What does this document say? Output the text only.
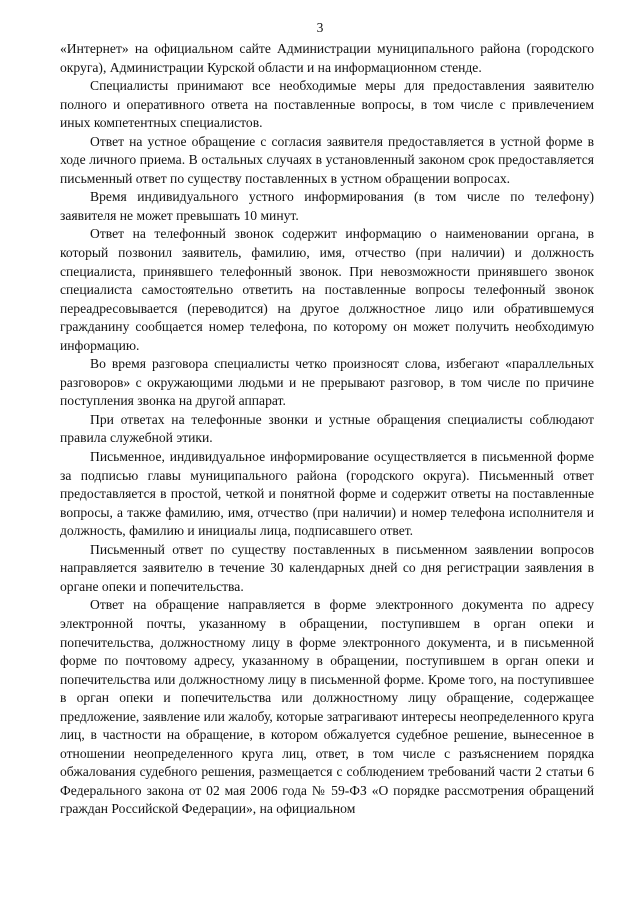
3

«Интернет» на официальном сайте Администрации муниципального района (городского округа), Администрации Курской области и на информационном стенде.

Специалисты принимают все необходимые меры для предоставления заявителю полного и оперативного ответа на поставленные вопросы, в том числе с привлечением иных компетентных специалистов.

Ответ на устное обращение с согласия заявителя предоставляется в устной форме в ходе личного приема. В остальных случаях в установленный законом срок предоставляется письменный ответ по существу поставленных в устном обращении вопросах.

Время индивидуального устного информирования (в том числе по телефону) заявителя не может превышать 10 минут.

Ответ на телефонный звонок содержит информацию о наименовании органа, в который позвонил заявитель, фамилию, имя, отчество (при наличии) и должность специалиста, принявшего телефонный звонок. При невозможности принявшего звонок специалиста самостоятельно ответить на поставленные вопросы телефонный звонок переадресовывается (переводится) на другое должностное лицо или обратившемуся гражданину сообщается номер телефона, по которому он может получить необходимую информацию.

Во время разговора специалисты четко произносят слова, избегают «параллельных разговоров» с окружающими людьми и не прерывают разговор, в том числе по причине поступления звонка на другой аппарат.

При ответах на телефонные звонки и устные обращения специалисты соблюдают правила служебной этики.

Письменное, индивидуальное информирование осуществляется в письменной форме за подписью главы муниципального района (городского округа). Письменный ответ предоставляется в простой, четкой и понятной форме и содержит ответы на поставленные вопросы, а также фамилию, имя, отчество (при наличии) и номер телефона исполнителя и должность, фамилию и инициалы лица, подписавшего ответ.

Письменный ответ по существу поставленных в письменном заявлении вопросов направляется заявителю в течение 30 календарных дней со дня регистрации заявления в органе опеки и попечительства.

Ответ на обращение направляется в форме электронного документа по адресу электронной почты, указанному в обращении, поступившем в орган опеки и попечительства, должностному лицу в форме электронного документа, и в письменной форме по почтовому адресу, указанному в обращении, поступившем в орган опеки и попечительства или должностному лицу в письменной форме. Кроме того, на поступившее в орган опеки и попечительства или должностному лицу обращение, содержащее предложение, заявление или жалобу, которые затрагивают интересы неопределенного круга лиц, в частности на обращение, в котором обжалуется судебное решение, вынесенное в отношении неопределенного круга лиц, ответ, в том числе с разъяснением порядка обжалования судебного решения, размещается с соблюдением требований части 2 статьи 6 Федерального закона от 02 мая 2006 года № 59-ФЗ «О порядке рассмотрения обращений граждан Российской Федерации», на официальном
